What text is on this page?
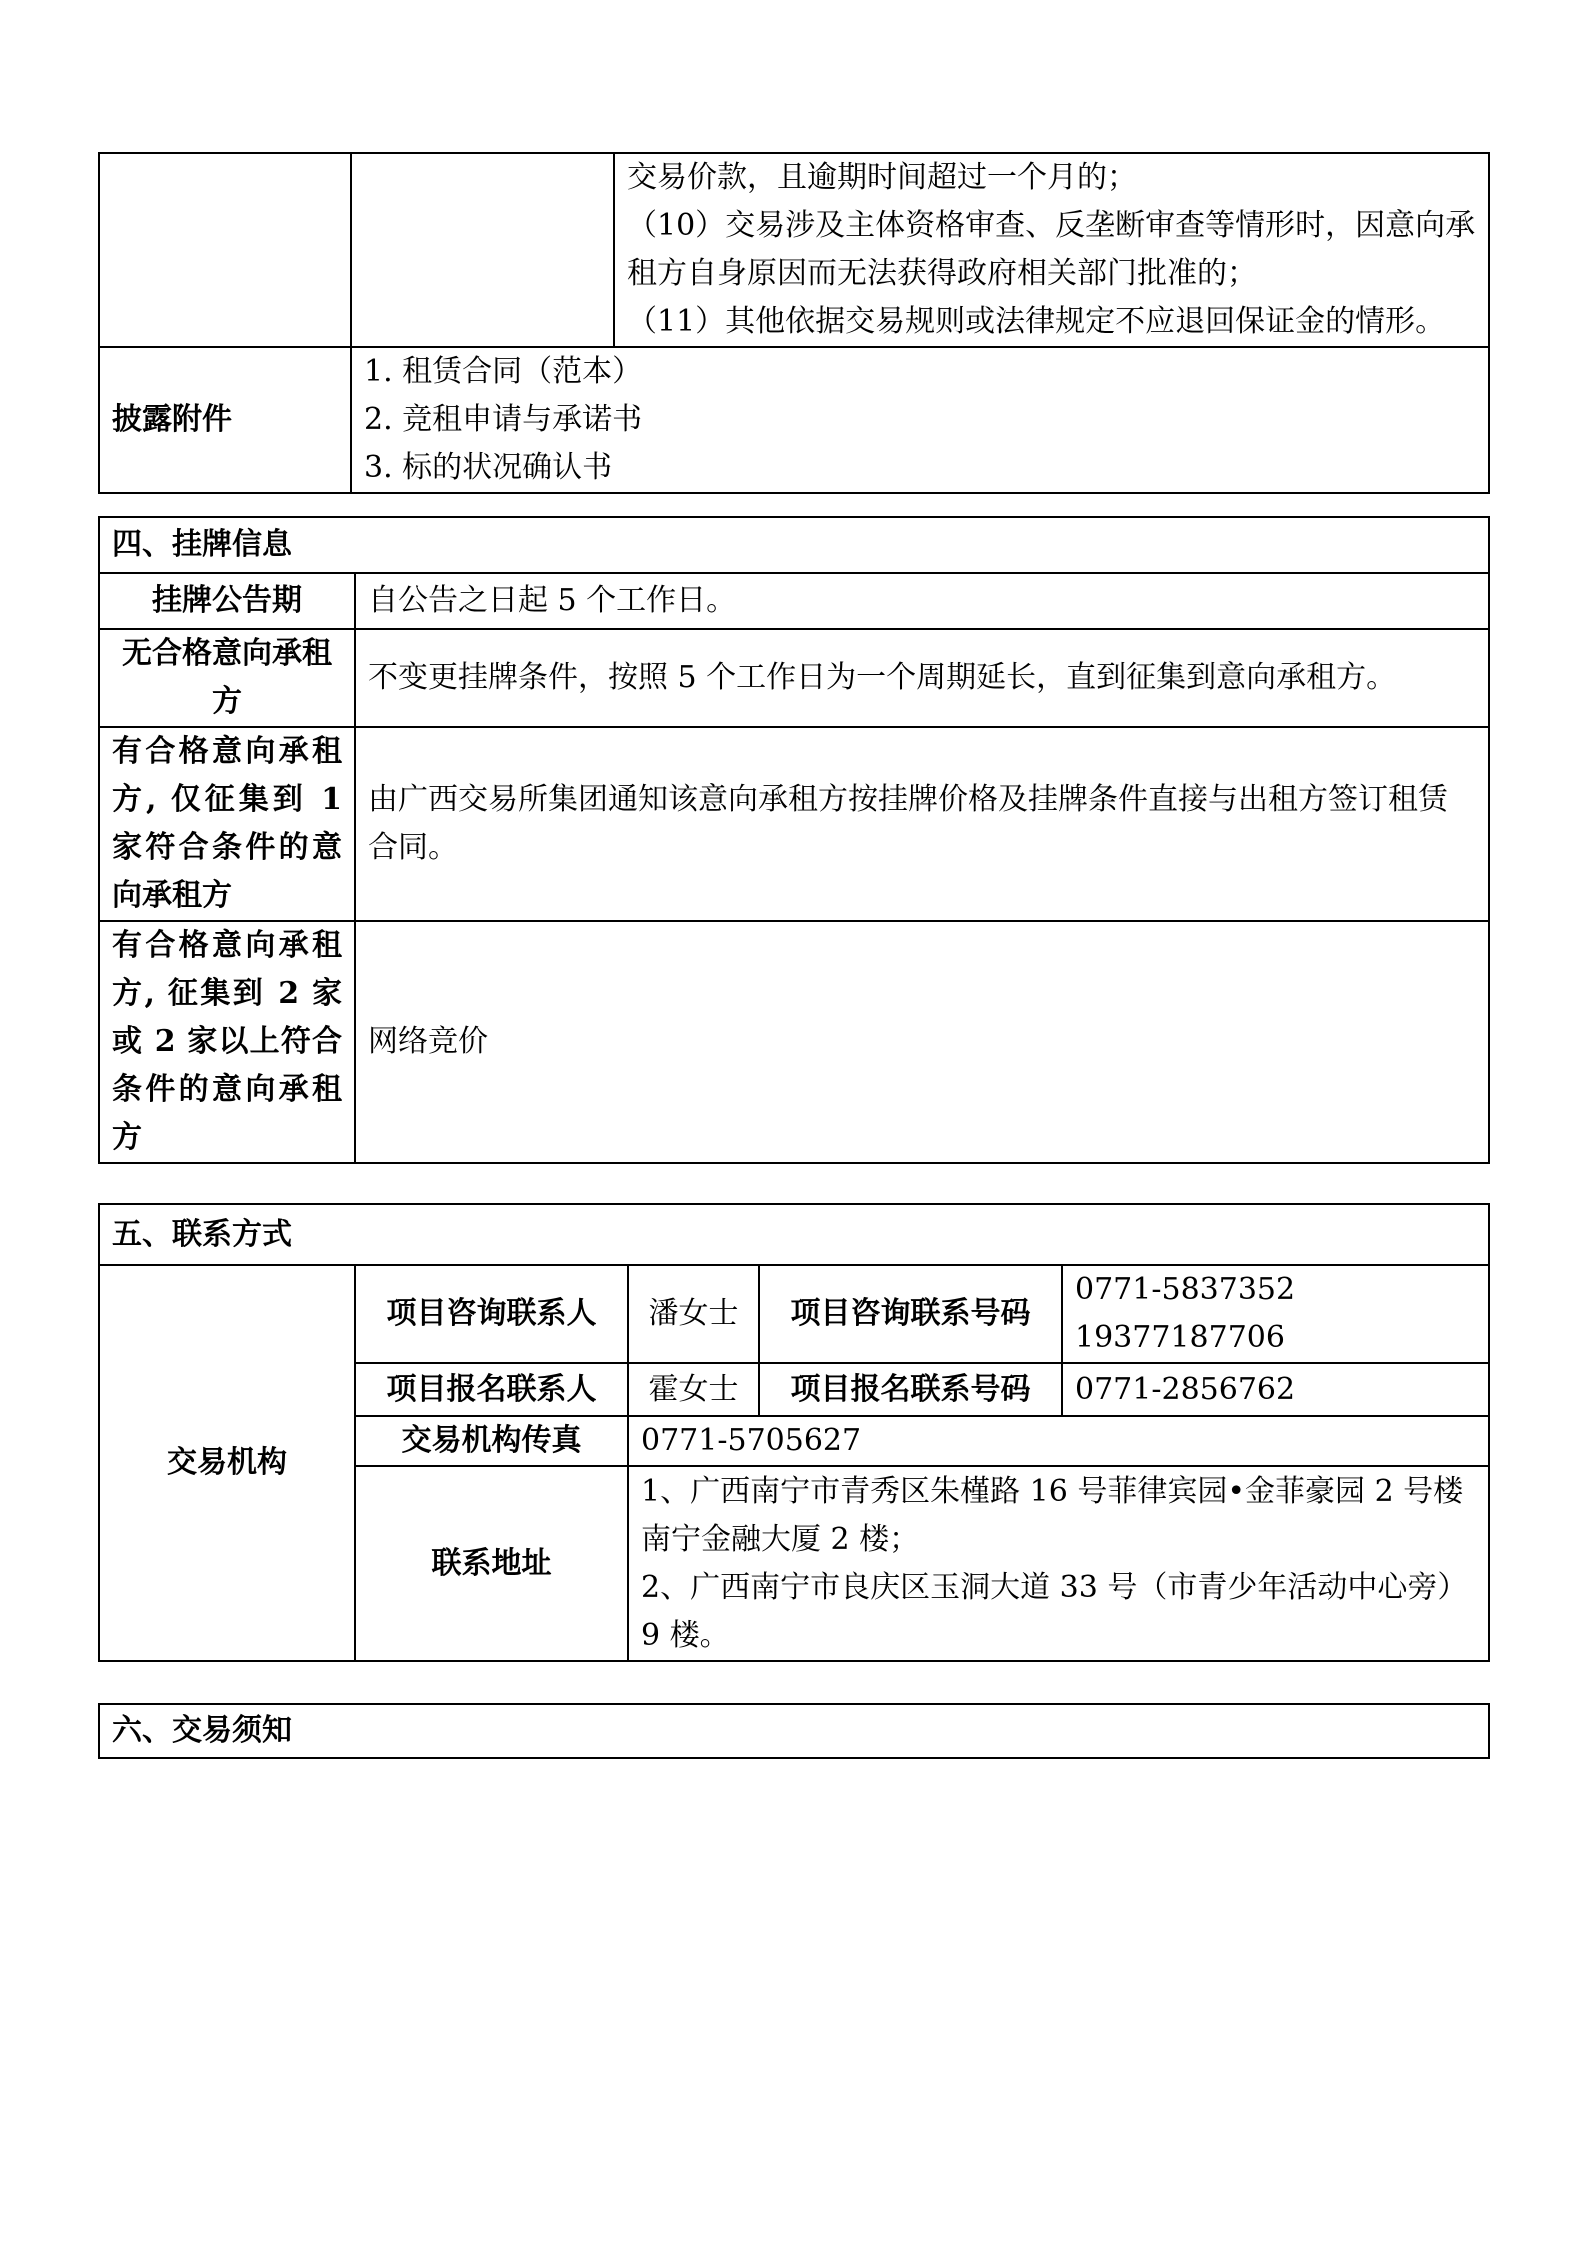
		交易价款，且逾期时间超过一个月的；
（10）交易涉及主体资格审查、反垄断审查等情形时，因意向承租方自身原因而无法获得政府相关部门批准的；
（11）其他依据交易规则或法律规定不应退回保证金的情形。

披露附件	1. 租赁合同（范本）
2. 竞租申请与承诺书
3. 标的状况确认书	
四、挂牌信息	
挂牌公告期	自公告之日起 5 个工作日。
无合格意向承租方	不变更挂牌条件，按照 5 个工作日为一个周期延长，直到征集到意向承租方。
有合格意向承租方, 仅征集到 1 家符合条件的意向承租方	由广西交易所集团通知该意向承租方按挂牌价格及挂牌条件直接与出租方签订租赁合同。
有合格意向承租方, 征集到 2 家或 2 家以上符合条件的意向承租方	网络竞价
五、联系方式				
交易机构	项目咨询联系人	潘女士	项目咨询联系号码	0771-5837352
19377187706

	项目报名联系人	霍女士	项目报名联系号码	0771-2856762
	交易机构传真	0771-5705627		
	联系地址	1、广西南宁市青秀区朱槿路 16 号菲律宾园•金菲豪园 2 号楼南宁金融大厦 2 楼；
2、广西南宁市良庆区玉洞大道 33 号（市青少年活动中心旁）9 楼。		
六、交易须知
